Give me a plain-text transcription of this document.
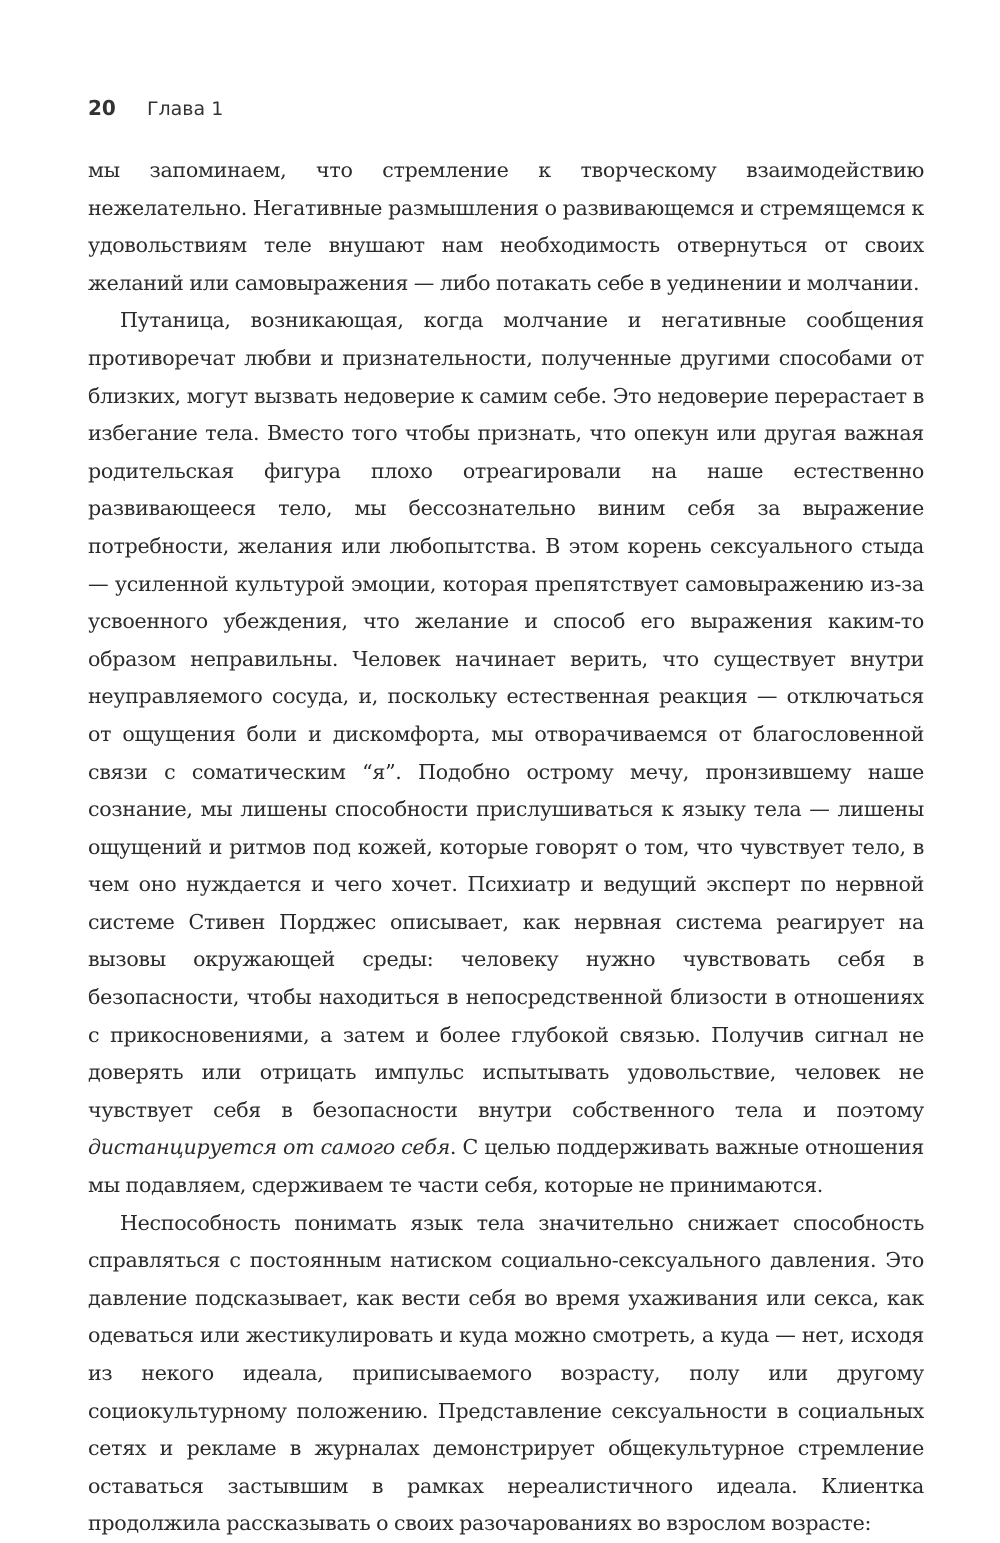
20 Глава 1

мы запоминаем, что стремление к творческому взаимодействию нежелательно. Негативные размышления о развивающемся и стремящемся к удовольствиям теле внушают нам необходимость отвернуться от своих желаний или самовыражения — либо потакать себе в уединении и молчании.

Путаница, возникающая, когда молчание и негативные сообщения противоречат любви и признательности, полученные другими способами от близких, могут вызвать недоверие к самим себе. Это недоверие перерастает в избегание тела. Вместо того чтобы признать, что опекун или другая важная родительская фигура плохо отреагировали на наше естественно развивающееся тело, мы бессознательно виним себя за выражение потребности, желания или любопытства. В этом корень сексуального стыда — усиленной культурой эмоции, которая препятствует самовыражению из-за усвоенного убеждения, что желание и способ его выражения каким-то образом неправильны. Человек начинает верить, что существует внутри неуправляемого сосуда, и, поскольку естественная реакция — отключаться от ощущения боли и дискомфорта, мы отворачиваемся от благословенной связи с соматическим “я”. Подобно острому мечу, пронзившему наше сознание, мы лишены способности прислушиваться к языку тела — лишены ощущений и ритмов под кожей, которые говорят о том, что чувствует тело, в чем оно нуждается и чего хочет. Психиатр и ведущий эксперт по нервной системе Стивен Порджес описывает, как нервная система реагирует на вызовы окружающей среды: человеку нужно чувствовать себя в безопасности, чтобы находиться в непосредственной близости в отношениях с прикосновениями, а затем и более глубокой связью. Получив сигнал не доверять или отрицать импульс испытывать удовольствие, человек не чувствует себя в безопасности внутри собственного тела и поэтому дистанцируется от самого себя. С целью поддерживать важные отношения мы подавляем, сдерживаем те части себя, которые не принимаются.

Неспособность понимать язык тела значительно снижает способность справляться с постоянным натиском социально-сексуального давления. Это давление подсказывает, как вести себя во время ухаживания или секса, как одеваться или жестикулировать и куда можно смотреть, а куда — нет, исходя из некого идеала, приписываемого возрасту, полу или другому социокультурному положению. Представление сексуальности в социальных сетях и рекламе в журналах демонстрирует общекультурное стремление оставаться застывшим в рамках нереалистичного идеала. Клиентка продолжила рассказывать о своих разочарованиях во взрослом возрасте:
